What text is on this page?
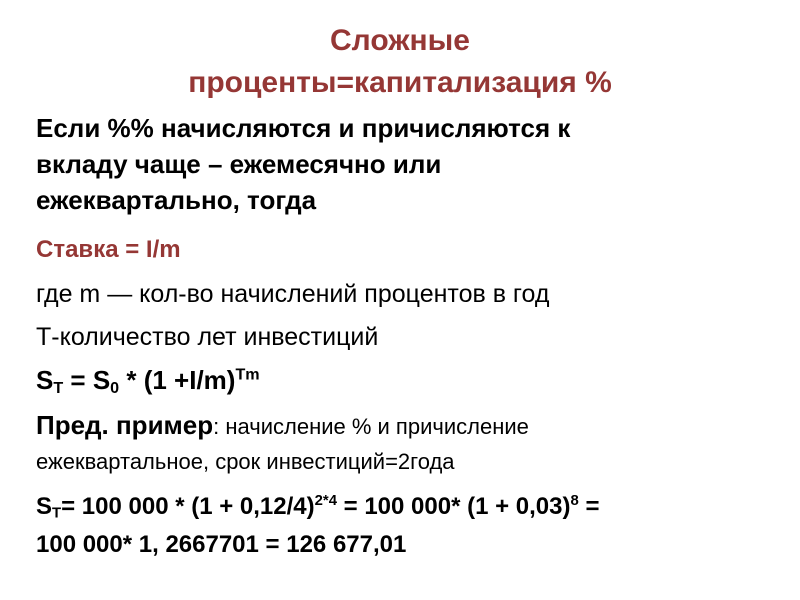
Сложные
проценты=капитализация %
Если %% начисляются и причисляются к
вкладу чаще – ежемесячно или
ежеквартально, тогда
Ставка = I/m
где m — кол-во начислений процентов в год
Т-количество лет инвестиций
$S_T = S_0 * (1 +I/m)^{Tm}$
Пред. пример: начисление % и причисление
ежеквартальное, срок инвестиций=2года
$S_T= 100$ $000 * (1 + 0,12/4)^{2*4} = 100$ 000* $(1 + 0,03)^8$ =
100 000* 1, 2667701 = 126 677,01
